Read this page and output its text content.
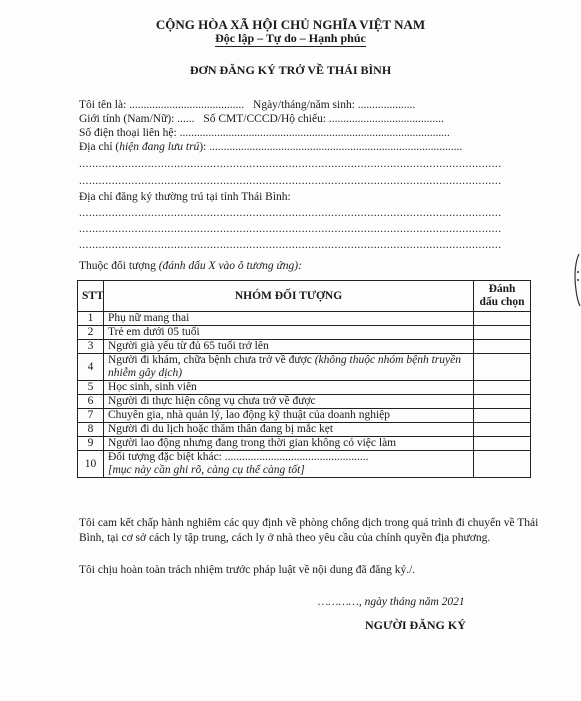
CỘNG HÒA XÃ HỘI CHỦ NGHĨA VIỆT NAM
Độc lập – Tự do – Hạnh phúc
ĐƠN ĐĂNG KÝ TRỞ VỀ THÁI BÌNH
Tôi tên là: ........................................ Ngày/tháng/năm sinh: ....................
Giới tính (Nam/Nữ): ...... Số CMT/CCCD/Hộ chiếu: ........................................
Số điện thoại liên hệ: ..............................................................................................
Địa chỉ (hiện đang lưu trú): ........................................................................................
.................................................................................................................................
.................................................................................................................................
Địa chỉ đăng ký thường trú tại tỉnh Thái Bình:
.................................................................................................................................
.................................................................................................................................
.................................................................................................................................
Thuộc đối tượng (đánh dấu X vào ô tương ứng):
STT	NHÓM ĐỐI TƯỢNG	Đánh
dấu chọn
1	Phụ nữ mang thai	
2	Trẻ em dưới 05 tuổi	
3	Người già yếu từ đủ 65 tuổi trở lên	
4	Người đi khám, chữa bệnh chưa trở về được (không thuộc nhóm bệnh truyền nhiễm gây dịch)	
5	Học sinh, sinh viên	
6	Người đi thực hiện công vụ chưa trở về được	
7	Chuyên gia, nhà quản lý, lao động kỹ thuật của doanh nghiệp	
8	Người đi du lịch hoặc thăm thân đang bị mắc kẹt	
9	Người lao động nhưng đang trong thời gian không có việc làm	
10	Đối tượng đặc biệt khác: ..................................................
[mục này cần ghi rõ, càng cụ thể càng tốt]	
Tôi cam kết chấp hành nghiêm các quy định về phòng chống dịch trong quá trình đi chuyển về Thái Bình, tại cơ sở cách ly tập trung, cách ly ở nhà theo yêu cầu của chính quyền địa phương.
Tôi chịu hoàn toàn trách nhiệm trước pháp luật về nội dung đã đăng ký./.
…………, ngày tháng năm 2021
NGƯỜI ĐĂNG KÝ
